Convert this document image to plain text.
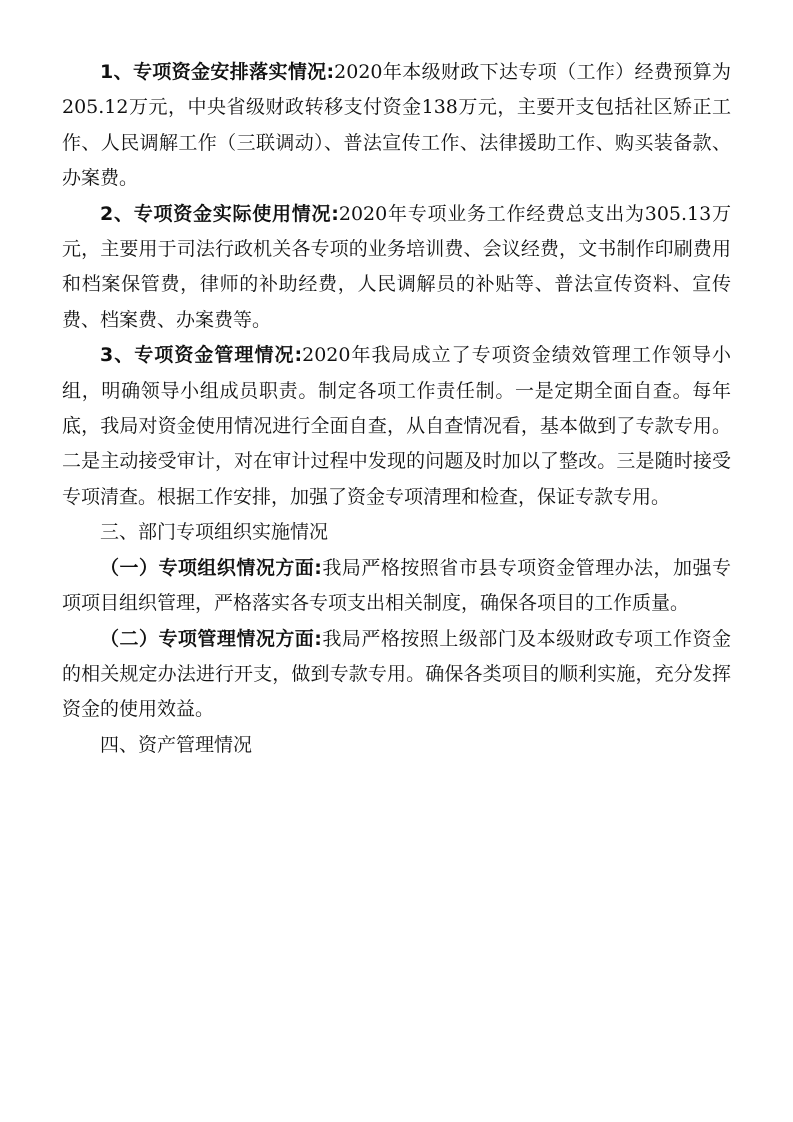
1、专项资金安排落实情况:2020年本级财政下达专项（工作）经费预算为205.12万元，中央省级财政转移支付资金138万元，主要开支包括社区矫正工作、人民调解工作（三联调动）、普法宣传工作、法律援助工作、购买装备款、办案费。

2、专项资金实际使用情况:2020年专项业务工作经费总支出为305.13万元，主要用于司法行政机关各专项的业务培训费、会议经费，文书制作印刷费用和档案保管费，律师的补助经费，人民调解员的补贴等、普法宣传资料、宣传费、档案费、办案费等。

3、专项资金管理情况:2020年我局成立了专项资金绩效管理工作领导小组，明确领导小组成员职责。制定各项工作责任制。一是定期全面自查。每年底，我局对资金使用情况进行全面自查，从自查情况看，基本做到了专款专用。二是主动接受审计，对在审计过程中发现的问题及时加以了整改。三是随时接受专项清查。根据工作安排，加强了资金专项清理和检查，保证专款专用。

三、部门专项组织实施情况

（一）专项组织情况方面:我局严格按照省市县专项资金管理办法，加强专项项目组织管理，严格落实各专项支出相关制度，确保各项目的工作质量。

（二）专项管理情况方面:我局严格按照上级部门及本级财政专项工作资金的相关规定办法进行开支，做到专款专用。确保各类项目的顺利实施，充分发挥资金的使用效益。

四、资产管理情况
